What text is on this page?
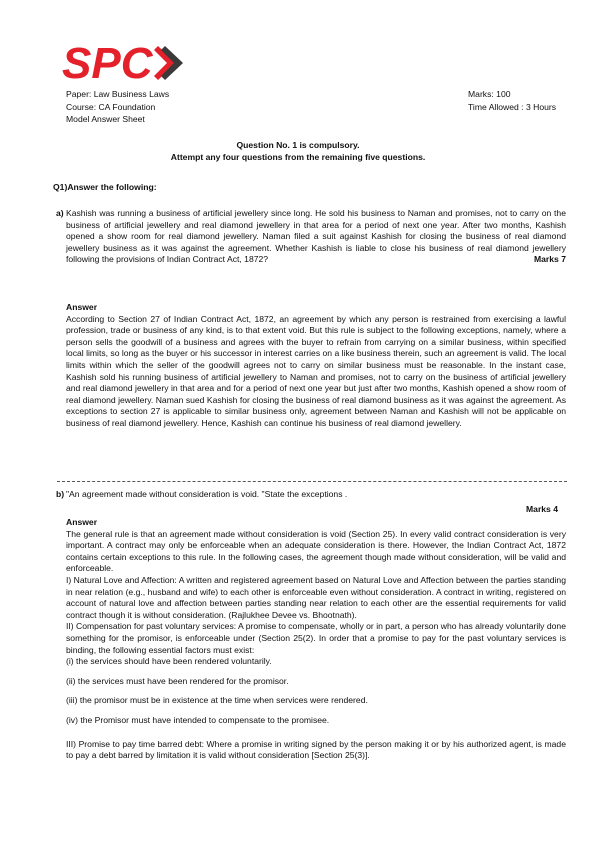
SPC
Paper: Law Business Laws
Course: CA Foundation
Model Answer Sheet
Marks: 100
Time Allowed : 3 Hours
Question No. 1 is compulsory.
Attempt any four questions from the remaining five questions.
Q1)Answer the following:
a) Kashish was running a business of artificial jewellery since long. He sold his business to Naman and promises, not to carry on the business of artificial jewellery and real diamond jewellery in that area for a period of next one year. After two months, Kashish opened a show room for real diamond jewellery. Naman filed a suit against Kashish for closing the business of real diamond jewellery business as it was against the agreement. Whether Kashish is liable to close his business of real diamond jewellery following the provisions of Indian Contract Act, 1872?	Marks 7

Answer

According to Section 27 of Indian Contract Act, 1872, an agreement by which any person is restrained from exercising a lawful profession, trade or business of any kind, is to that extent void. But this rule is subject to the following exceptions, namely, where a person sells the goodwill of a business and agrees with the buyer to refrain from carrying on a similar business, within specified local limits, so long as the buyer or his successor in interest carries on a like business therein, such an agreement is valid. The local limits within which the seller of the goodwill agrees not to carry on similar business must be reasonable. In the instant case, Kashish sold his running business of artificial jewellery to Naman and promises, not to carry on the business of artificial jewellery and real diamond jewellery in that area and for a period of next one year but just after two months, Kashish opened a show room of real diamond jewellery. Naman sued Kashish for closing the business of real diamond business as it was against the agreement. As exceptions to section 27 is applicable to similar business only, agreement between Naman and Kashish will not be applicable on business of real diamond jewellery. Hence, Kashish can continue his business of real diamond jewellery.

b) "An agreement made without consideration is void. "State the exceptions .
Marks 4

Answer

The general rule is that an agreement made without consideration is void (Section 25). In every valid contract consideration is very important. A contract may only be enforceable when an adequate consideration is there. However, the Indian Contract Act, 1872 contains certain exceptions to this rule. In the following cases, the agreement though made without consideration, will be valid and enforceable.

I) Natural Love and Affection: A written and registered agreement based on Natural Love and Affection between the parties standing in near relation (e.g., husband and wife) to each other is enforceable even without consideration. A contract in writing, registered on account of natural love and affection between parties standing near relation to each other are the essential requirements for valid contract though it is without consideration. (Rajlukhee Devee vs. Bhootnath).

II) Compensation for past voluntary services: A promise to compensate, wholly or in part, a person who has already voluntarily done something for the promisor, is enforceable under (Section 25(2). In order that a promise to pay for the past voluntary services is binding, the following essential factors must exist:

(i) the services should have been rendered voluntarily.

(ii) the services must have been rendered for the promisor.

(iii) the promisor must be in existence at the time when services were rendered.

(iv) the Promisor must have intended to compensate to the promisee.

III) Promise to pay time barred debt: Where a promise in writing signed by the person making it or by his authorized agent, is made to pay a debt barred by limitation it is valid without consideration [Section 25(3)].
